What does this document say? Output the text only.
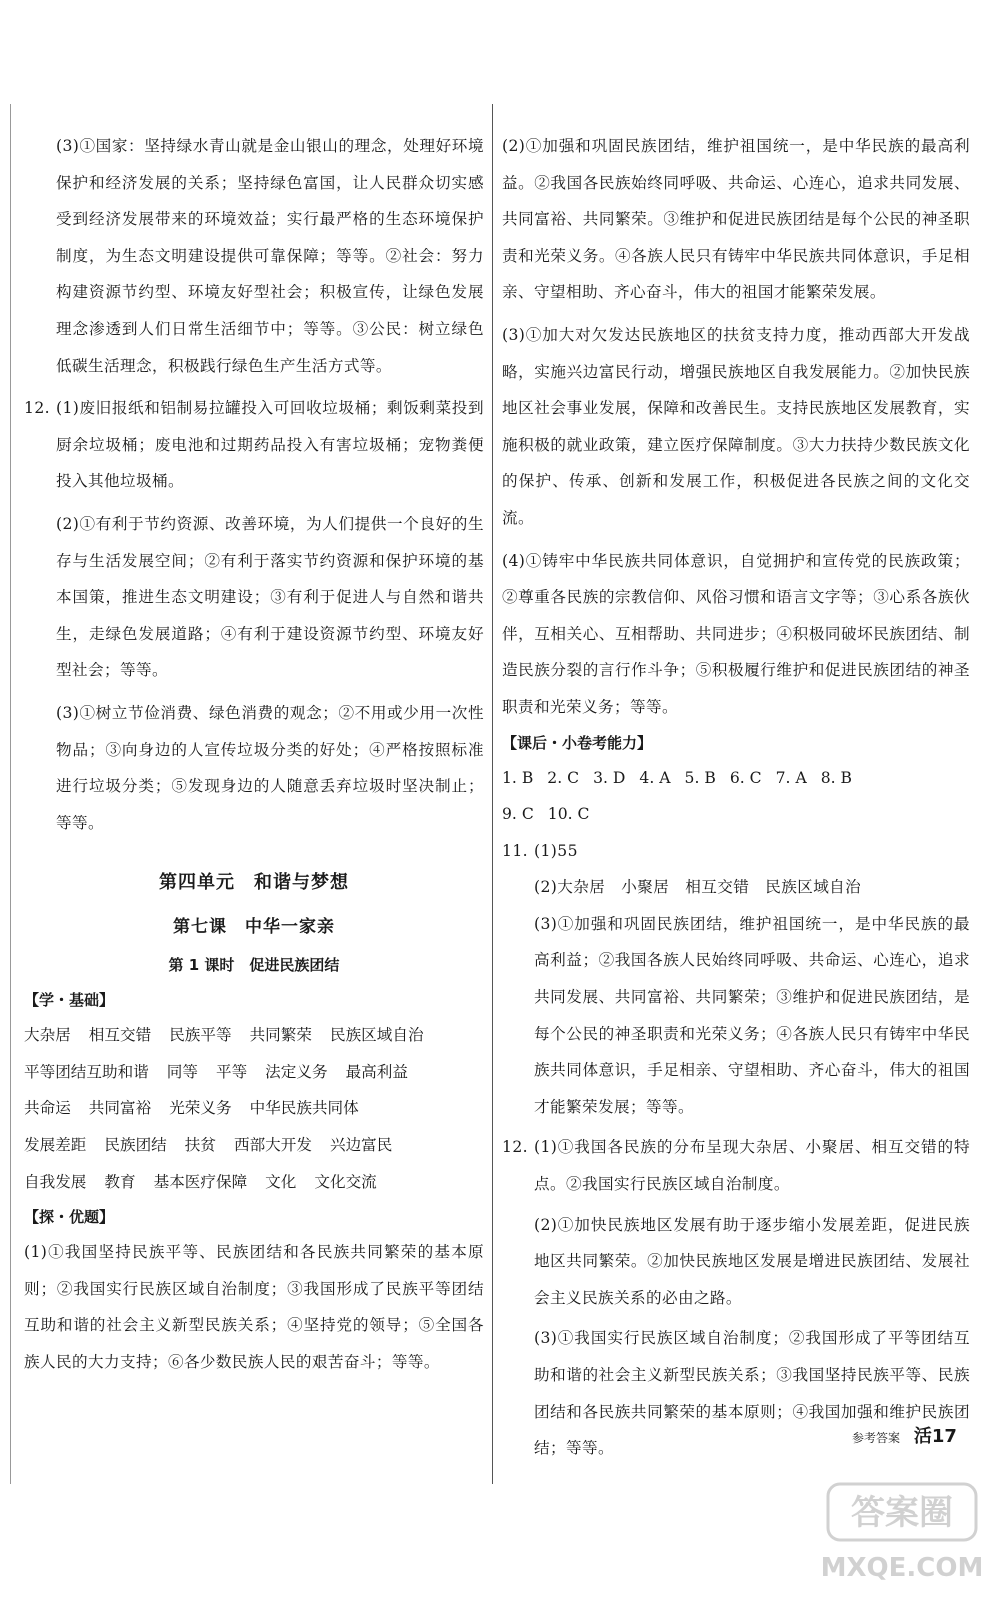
(3)①国家：坚持绿水青山就是金山银山的理念，处理好环境保护和经济发展的关系；坚持绿色富国，让人民群众切实感受到经济发展带来的环境效益；实行最严格的生态环境保护制度，为生态文明建设提供可靠保障；等等。②社会：努力构建资源节约型、环境友好型社会；积极宣传，让绿色发展理念渗透到人们日常生活细节中；等等。③公民：树立绿色低碳生活理念，积极践行绿色生产生活方式等。

12. (1)废旧报纸和铝制易拉罐投入可回收垃圾桶；剩饭剩菜投到厨余垃圾桶；废电池和过期药品投入有害垃圾桶；宠物粪便投入其他垃圾桶。

(2)①有利于节约资源、改善环境，为人们提供一个良好的生存与生活发展空间；②有利于落实节约资源和保护环境的基本国策，推进生态文明建设；③有利于促进人与自然和谐共生，走绿色发展道路；④有利于建设资源节约型、环境友好型社会；等等。

(3)①树立节俭消费、绿色消费的观念；②不用或少用一次性物品；③向身边的人宣传垃圾分类的好处；④严格按照标准进行垃圾分类；⑤发现身边的人随意丢弃垃圾时坚决制止；等等。

第四单元　和谐与梦想
第七课　中华一家亲
第 1 课时　促进民族团结

【学・基础】

大杂居 相互交错 民族平等 共同繁荣 民族区域自治

平等团结互助和谐 同等 平等 法定义务 最高利益

共命运 共同富裕 光荣义务 中华民族共同体

发展差距 民族团结 扶贫 西部大开发 兴边富民

自我发展 教育 基本医疗保障 文化 文化交流

【探・优题】

(1)①我国坚持民族平等、民族团结和各民族共同繁荣的基本原则；②我国实行民族区域自治制度；③我国形成了民族平等团结互助和谐的社会主义新型民族关系；④坚持党的领导；⑤全国各族人民的大力支持；⑥各少数民族人民的艰苦奋斗；等等。

(2)①加强和巩固民族团结，维护祖国统一，是中华民族的最高利益。②我国各民族始终同呼吸、共命运、心连心，追求共同发展、共同富裕、共同繁荣。③维护和促进民族团结是每个公民的神圣职责和光荣义务。④各族人民只有铸牢中华民族共同体意识，手足相亲、守望相助、齐心奋斗，伟大的祖国才能繁荣发展。

(3)①加大对欠发达民族地区的扶贫支持力度，推动西部大开发战略，实施兴边富民行动，增强民族地区自我发展能力。②加快民族地区社会事业发展，保障和改善民生。支持民族地区发展教育，实施积极的就业政策，建立医疗保障制度。③大力扶持少数民族文化的保护、传承、创新和发展工作，积极促进各民族之间的文化交流。

(4)①铸牢中华民族共同体意识，自觉拥护和宣传党的民族政策；②尊重各民族的宗教信仰、风俗习惯和语言文字等；③心系各族伙伴，互相关心、互相帮助、共同进步；④积极同破坏民族团结、制造民族分裂的言行作斗争；⑤积极履行维护和促进民族团结的神圣职责和光荣义务；等等。

【课后・小卷考能力】

1. B 2. C 3. D 4. A 5. B 6. C 7. A 8. B

9. C 10. C

11. (1)55

(2)大杂居　小聚居　相互交错　民族区域自治

(3)①加强和巩固民族团结，维护祖国统一，是中华民族的最高利益；②我国各族人民始终同呼吸、共命运、心连心，追求共同发展、共同富裕、共同繁荣；③维护和促进民族团结，是每个公民的神圣职责和光荣义务；④各族人民只有铸牢中华民族共同体意识，手足相亲、守望相助、齐心奋斗，伟大的祖国才能繁荣发展；等等。

12. (1)①我国各民族的分布呈现大杂居、小聚居、相互交错的特点。②我国实行民族区域自治制度。

(2)①加快民族地区发展有助于逐步缩小发展差距，促进民族地区共同繁荣。②加快民族地区发展是增进民族团结、发展社会主义民族关系的必由之路。

(3)①我国实行民族区域自治制度；②我国形成了平等团结互助和谐的社会主义新型民族关系；③我国坚持民族平等、民族团结和各民族共同繁荣的基本原则；④我国加强和维护民族团结；等等。

参考答案 活17
答案圈
MXQE.COM
